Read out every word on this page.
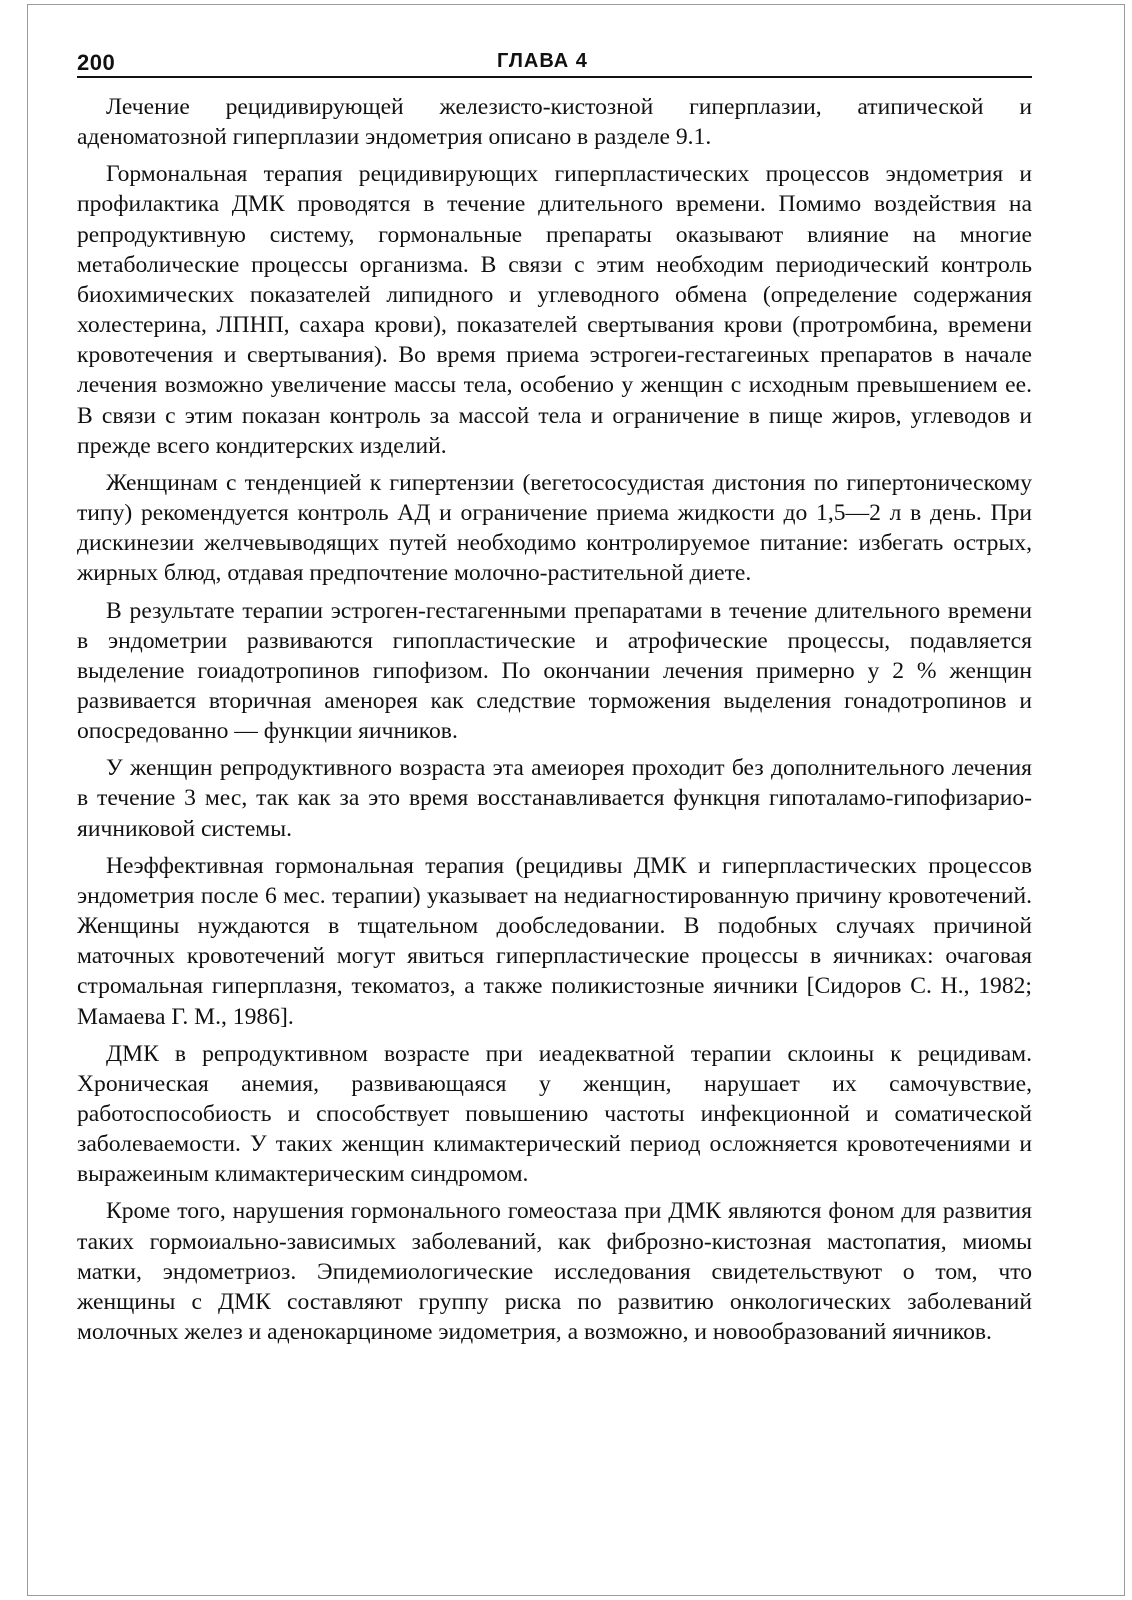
200	ГЛАВА 4

Лечение рецидивирующей железисто-кистозной гиперплазии, атипической и аденоматозной гиперплазии эндометрия описано в разделе 9.1.

Гормональная терапия рецидивирующих гиперпластических процессов эндометрия и профилактика ДМК проводятся в течение длительного времени. Помимо воздействия на репродуктивную систему, гормональные препараты оказывают влияние на многие метаболические процессы организма. В связи с этим необходим периодический контроль биохимических показателей липидного и углеводного обмена (определение содержания холестерина, ЛПНП, сахара крови), показателей свертывания крови (протромбина, времени кровотечения и свертывания). Во время приема эстрогеи-гестагеиных препаратов в начале лечения возможно увеличение массы тела, особенио у женщин с исходным превышением ее. В связи с этим показан контроль за массой тела и ограничение в пище жиров, углеводов и прежде всего кондитерских изделий.

Женщинам с тенденцией к гипертензии (вегетососудистая дистония по гипертоническому типу) рекомендуется контроль АД и ограничение приема жидкости до 1,5—2 л в день. При дискинезии желчевыводящих путей необходимо контролируемое питание: избегать острых, жирных блюд, отдавая предпочтение молочно-растительной диете.

В результате терапии эстроген-гестагенными препаратами в течение длительного времени в эндометрии развиваются гипопластические и атрофические процессы, подавляется выделение гоиадотропинов гипофизом. По окончании лечения примерно у 2 % женщин развивается вторичная аменорея как следствие торможения выделения гонадотропинов и опосредованно — функции яичников.

У женщин репродуктивного возраста эта амеиорея проходит без дополнительного лечения в течение 3 мес, так как за это время восстанавливается функцня гипоталамо-гипофизарио-яичниковой системы.

Неэффективная гормональная терапия (рецидивы ДМК и гиперпластических процессов эндометрия после 6 мес. терапии) указывает на недиагностированную причину кровотечений. Женщины нуждаются в тщательном дообследовании. В подобных случаях причиной маточных кровотечений могут явиться гиперпластические процессы в яичниках: очаговая стромальная гиперплазня, текоматоз, а также поликистозные яичники [Сидоров С. Н., 1982; Мамаева Г. М., 1986].

ДМК в репродуктивном возрасте при иеадекватной терапии склоины к рецидивам. Хроническая анемия, развивающаяся у женщин, нарушает их самочувствие, работоспособиость и способствует повышению частоты инфекционной и соматической заболеваемости. У таких женщин климактерический период осложняется кровотечениями и выражеиным климактерическим синдромом.

Кроме того, нарушения гормонального гомеостаза при ДМК являются фоном для развития таких гормоиально-зависимых заболеваний, как фиброзно-кистозная мастопатия, миомы матки, эндометриоз. Эпидемиологические исследования свидетельствуют о том, что женщины с ДМК составляют группу риска по развитию онкологических заболеваний молочных желез и аденокарциноме эидометрия, а возможно, и новообразований яичников.
